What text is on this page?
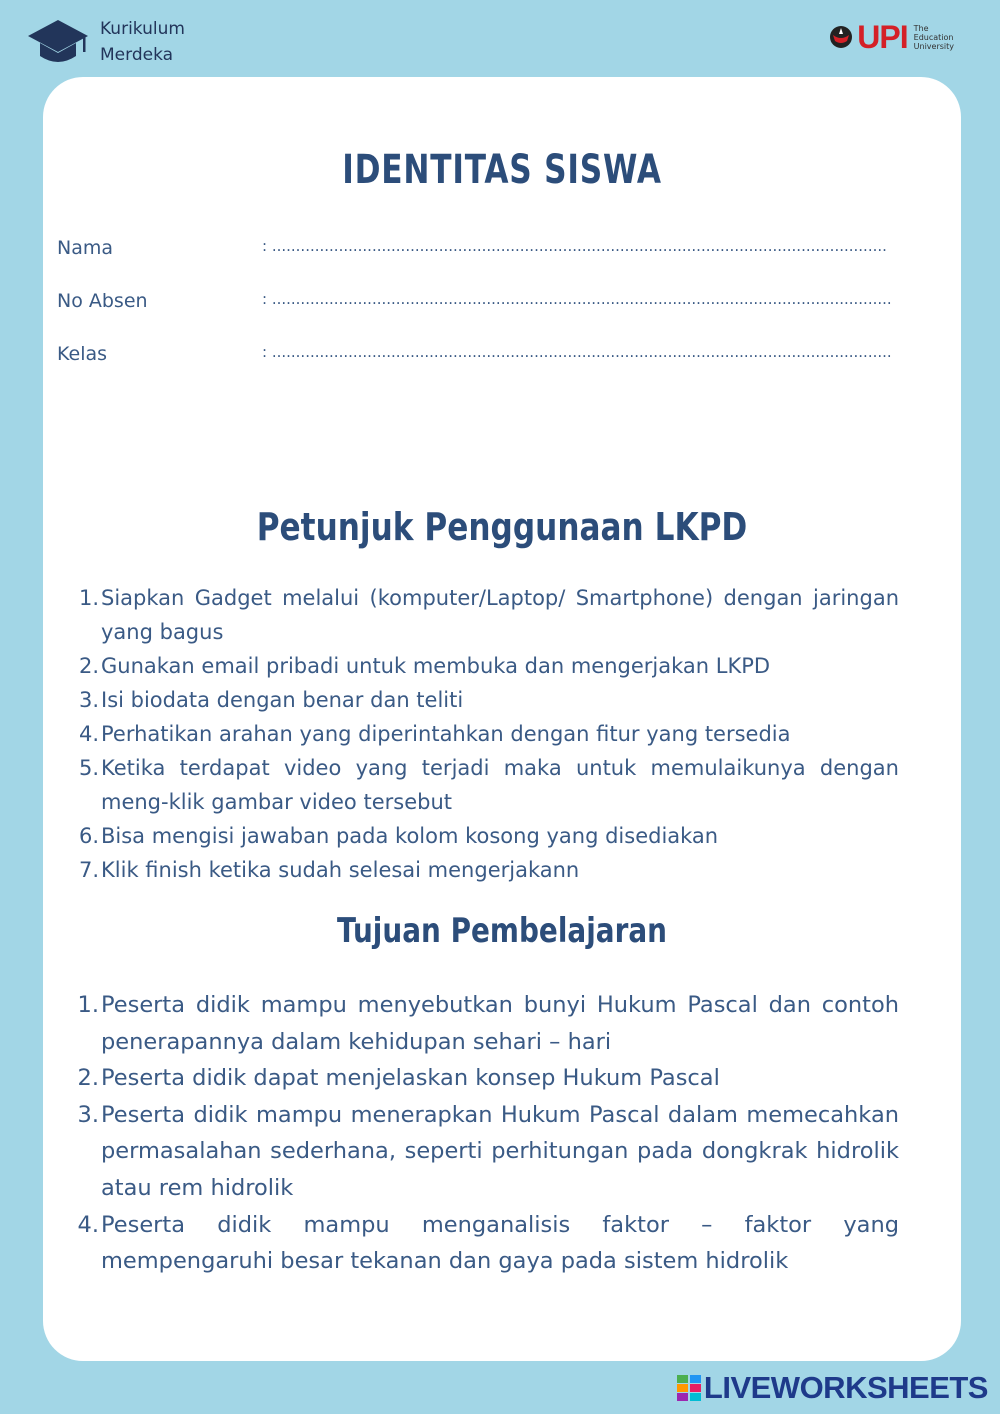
Kurikulum
Merdeka	UPI The
Education
University
IDENTITAS SISWA
Nama	: .................................................................................................................................
No Absen	: ..................................................................................................................................
Kelas	: ..................................................................................................................................
Petunjuk Penggunaan LKPD
1. Siapkan Gadget melalui (komputer/Laptop/ Smartphone) dengan jaringan yang bagus
2. Gunakan email pribadi untuk membuka dan mengerjakan LKPD
3. Isi biodata dengan benar dan teliti
4. Perhatikan arahan yang diperintahkan dengan fitur yang tersedia
5. Ketika terdapat video yang terjadi maka untuk memulaikunya dengan meng-klik gambar video tersebut
6. Bisa mengisi jawaban pada kolom kosong yang disediakan
7. Klik finish ketika sudah selesai mengerjakann
Tujuan Pembelajaran
1. Peserta didik mampu menyebutkan bunyi Hukum Pascal dan contoh penerapannya dalam kehidupan sehari – hari
2. Peserta didik dapat menjelaskan konsep Hukum Pascal
3. Peserta didik mampu menerapkan Hukum Pascal dalam memecahkan permasalahan sederhana, seperti perhitungan pada dongkrak hidrolik atau rem hidrolik
4. Peserta didik mampu menganalisis faktor – faktor yang mempengaruhi besar tekanan dan gaya pada sistem hidrolik
LIVEWORKSHEETS
